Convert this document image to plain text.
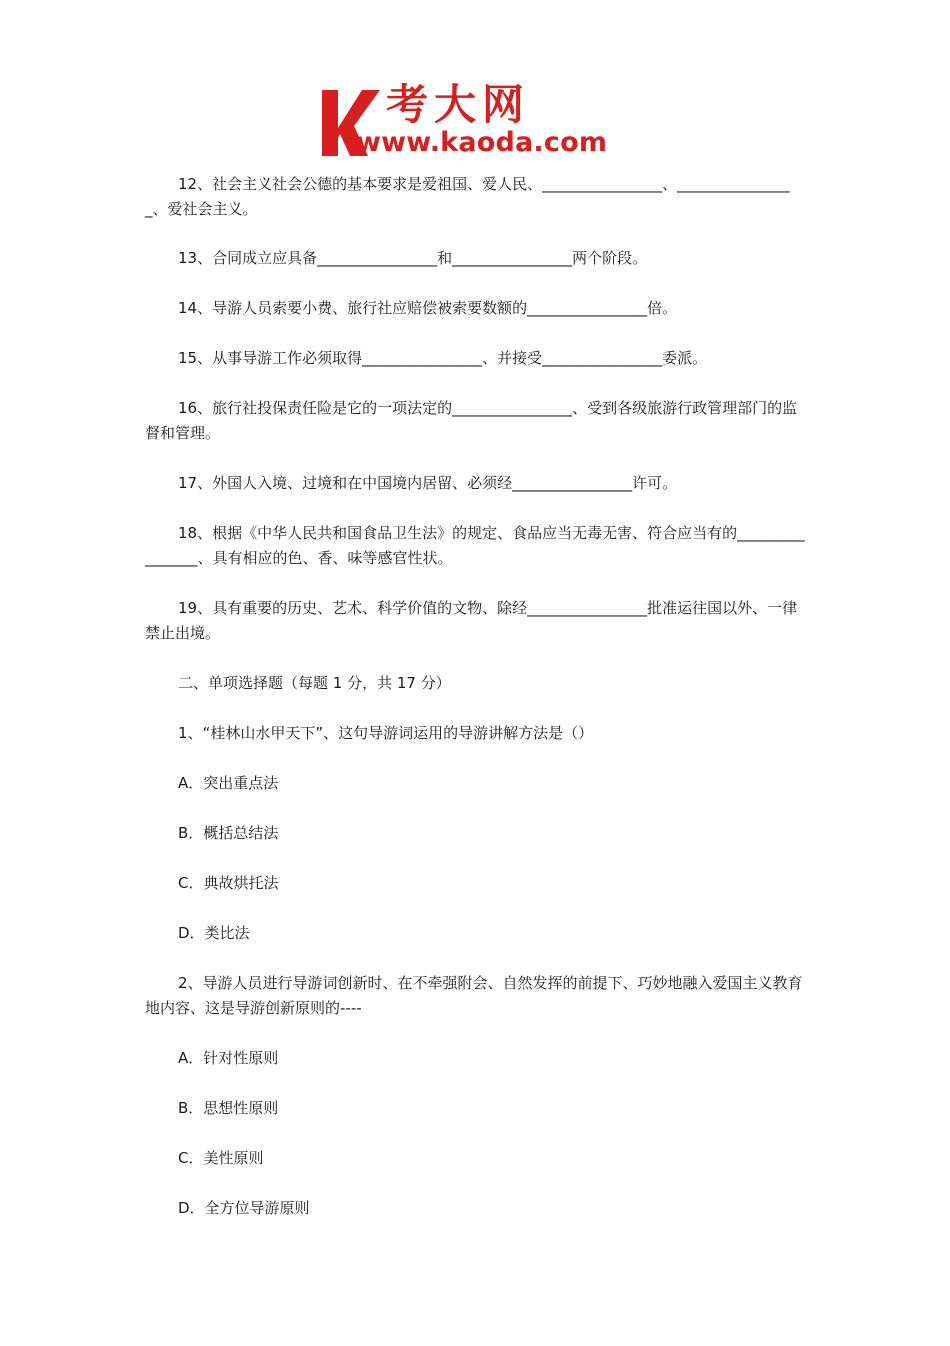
考大网
www.kaoda.com

12、社会主义社会公德的基本要求是爱祖国、爱人民、________________、________________、爱社会主义。

13、合同成立应具备________________和________________两个阶段。

14、导游人员索要小费、旅行社应赔偿被索要数额的________________倍。

15、从事导游工作必须取得________________、并接受________________委派。

16、旅行社投保责任险是它的一项法定的________________、受到各级旅游行政管理部门的监督和管理。

17、外国人入境、过境和在中国境内居留、必须经________________许可。

18、根据《中华人民共和国食品卫生法》的规定、食品应当无毒无害、符合应当有的________________、具有相应的色、香、味等感官性状。

19、具有重要的历史、艺术、科学价值的文物、除经________________批准运往国以外、一律禁止出境。

二、单项选择题（每题 1 分，共 17 分）

1、“桂林山水甲天下”、这句导游词运用的导游讲解方法是（）

A．突出重点法

B．概括总结法

C．典故烘托法

D．类比法

2、导游人员进行导游词创新时、在不牵强附会、自然发挥的前提下、巧妙地融入爱国主义教育地内容、这是导游创新原则的----

A．针对性原则

B．思想性原则

C．美性原则

D．全方位导游原则
